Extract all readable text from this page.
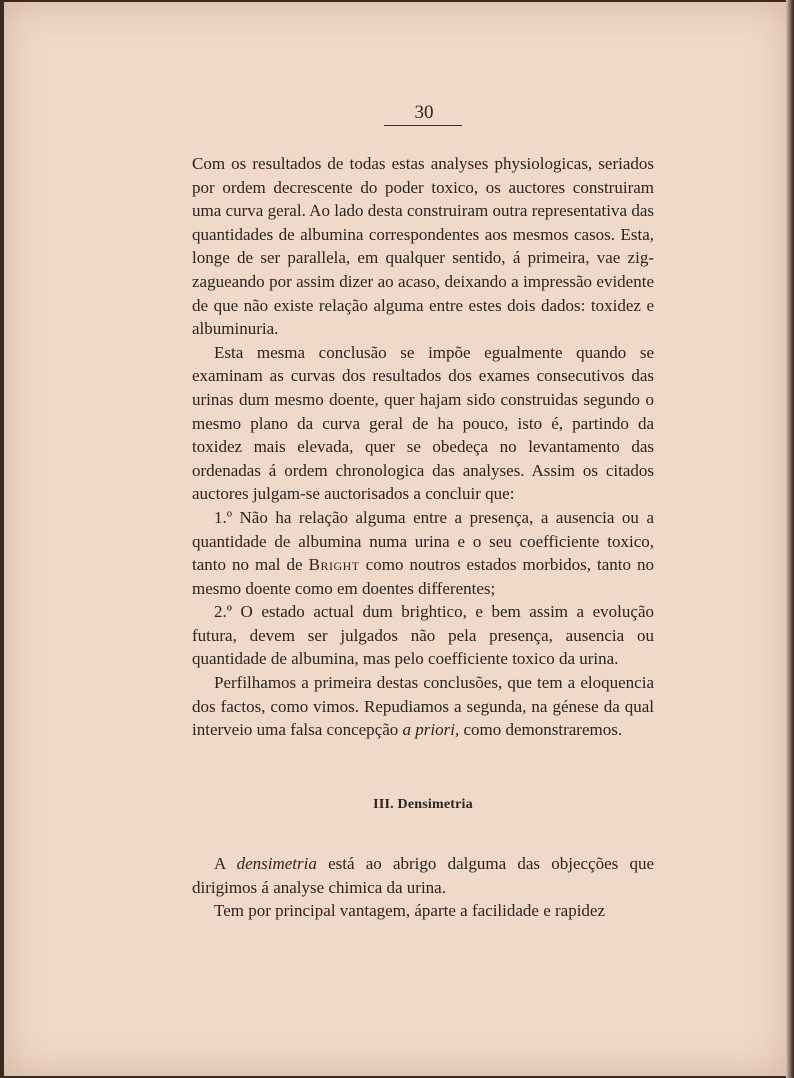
30

Com os resultados de todas estas analyses physiologicas, seriados por ordem decrescente do poder toxico, os auctores construiram uma curva geral. Ao lado desta construiram outra representativa das quantidades de albumina correspondentes aos mesmos casos. Esta, longe de ser parallela, em qualquer sentido, á primeira, vae zig-zagueando por assim dizer ao acaso, deixando a impressão evidente de que não existe relação alguma entre estes dois dados: toxidez e albuminuria.

Esta mesma conclusão se impõe egualmente quando se examinam as curvas dos resultados dos exames consecutivos das urinas dum mesmo doente, quer hajam sido construidas segundo o mesmo plano da curva geral de ha pouco, isto é, partindo da toxidez mais elevada, quer se obedeça no levantamento das ordenadas á ordem chronologica das analyses. Assim os citados auctores julgam-se auctorisados a concluir que:

1.º Não ha relação alguma entre a presença, a ausencia ou a quantidade de albumina numa urina e o seu coefficiente toxico, tanto no mal de Bright como noutros estados morbidos, tanto no mesmo doente como em doentes differentes;

2.º O estado actual dum brightico, e bem assim a evolução futura, devem ser julgados não pela presença, ausencia ou quantidade de albumina, mas pelo coefficiente toxico da urina.

Perfilhamos a primeira destas conclusões, que tem a eloquencia dos factos, como vimos. Repudiamos a segunda, na génese da qual interveio uma falsa concepção a priori, como demonstraremos.

III. Densimetria

A densimetria está ao abrigo dalguma das objecções que dirigimos á analyse chimica da urina.

Tem por principal vantagem, áparte a facilidade e rapidez
